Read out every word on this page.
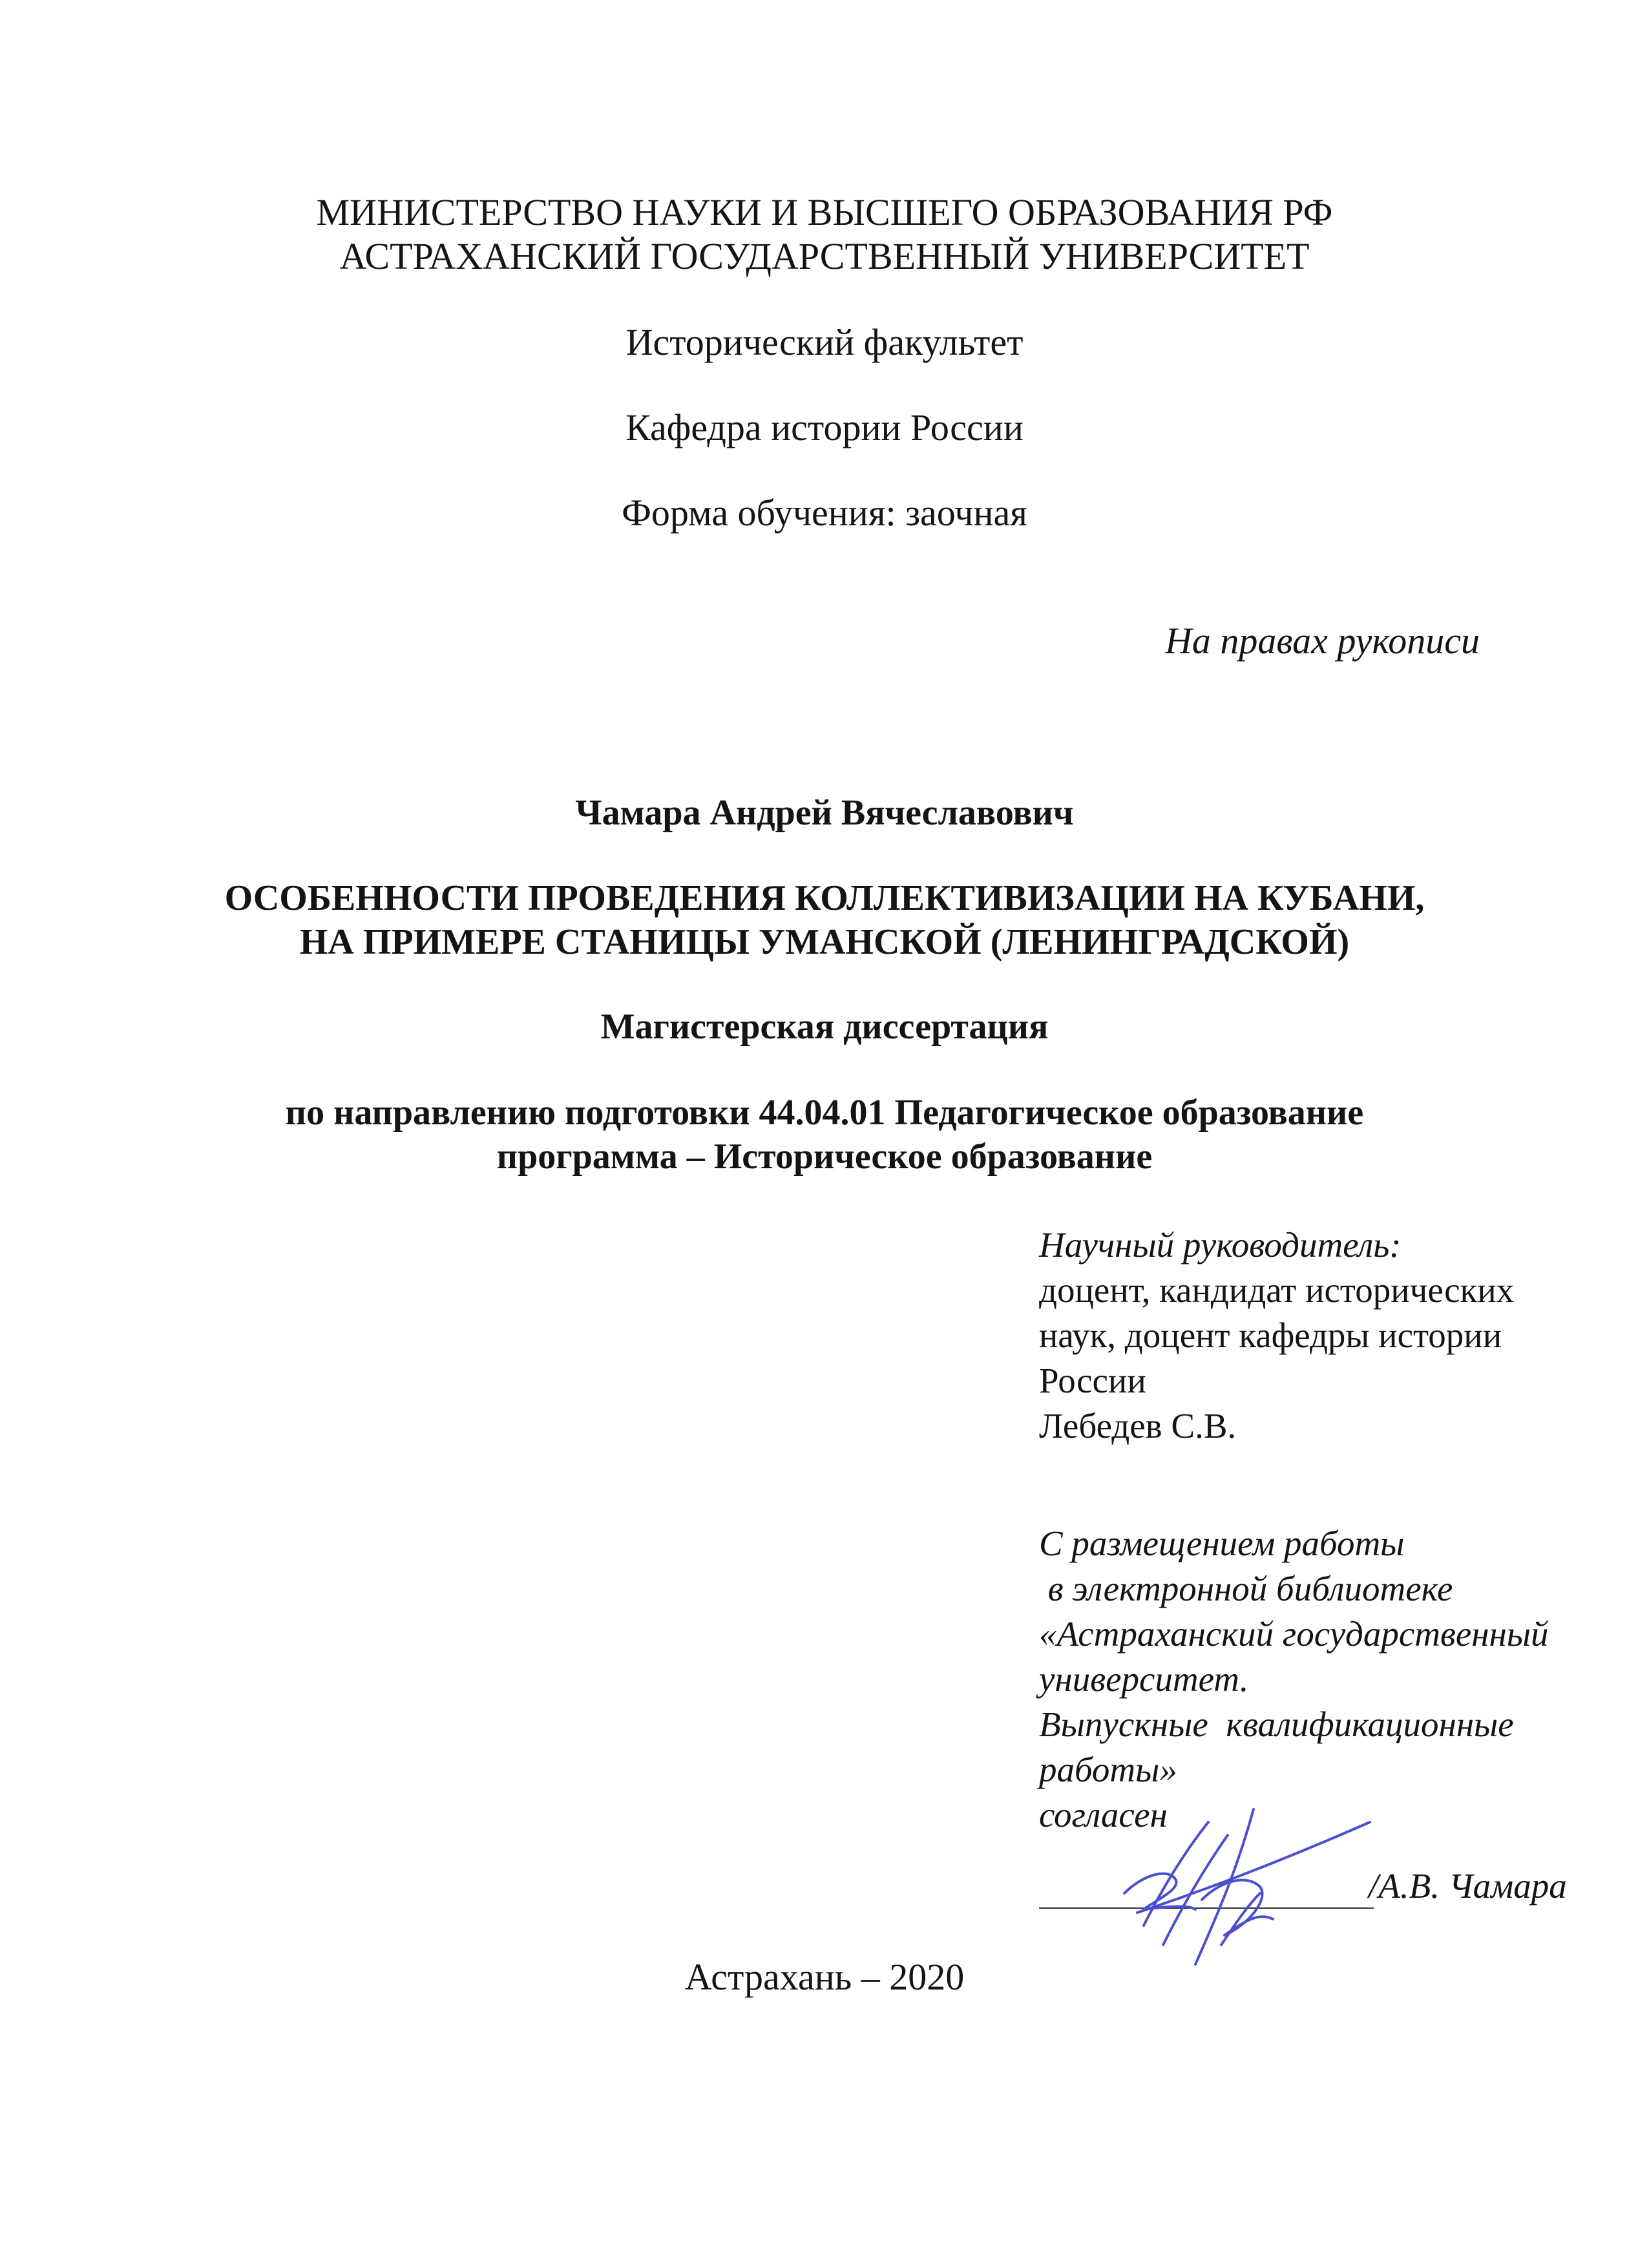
МИНИСТЕРСТВО НАУКИ И ВЫСШЕГО ОБРАЗОВАНИЯ РФ
АСТРАХАНСКИЙ ГОСУДАРСТВЕННЫЙ УНИВЕРСИТЕТ
Исторический факультет
Кафедра истории России
Форма обучения: заочная
На правах рукописи
Чамара Андрей Вячеславович
ОСОБЕННОСТИ ПРОВЕДЕНИЯ КОЛЛЕКТИВИЗАЦИИ НА КУБАНИ,
НА ПРИМЕРЕ СТАНИЦЫ УМАНСКОЙ (ЛЕНИНГРАДСКОЙ)
Магистерская диссертация
по направлению подготовки 44.04.01 Педагогическое образование
программа – Историческое образование
Научный руководитель:
доцент, кандидат исторических
наук, доцент кафедры истории
России
Лебедев С.В.
С размещением работы
в электронной библиотеке
«Астраханский государственный
университет.
Выпускные  квалификационные
работы»
согласен
/А.В. Чамара
Астрахань – 2020
